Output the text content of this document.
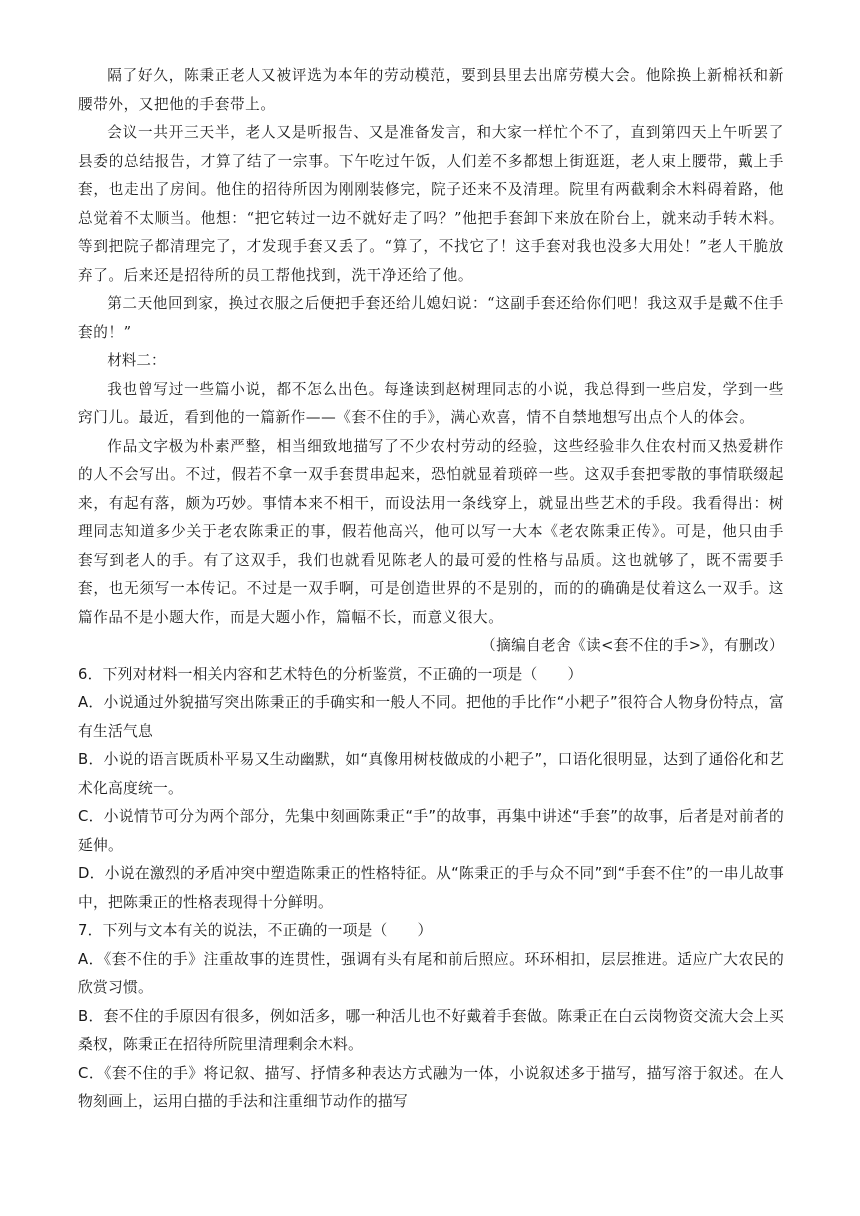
隔了好久，陈秉正老人又被评选为本年的劳动模范，要到县里去出席劳模大会。他除换上新棉袄和新腰带外，又把他的手套带上。

会议一共开三天半，老人又是听报告、又是准备发言，和大家一样忙个不了，直到第四天上午听罢了县委的总结报告，才算了结了一宗事。下午吃过午饭，人们差不多都想上街逛逛，老人束上腰带，戴上手套，也走出了房间。他住的招待所因为刚刚装修完，院子还来不及清理。院里有两截剩余木料碍着路，他总觉着不太顺当。他想：“把它转过一边不就好走了吗？”他把手套卸下来放在阶台上，就来动手转木料。等到把院子都清理完了，才发现手套又丢了。“算了，不找它了！这手套对我也没多大用处！”老人干脆放弃了。后来还是招待所的员工帮他找到，洗干净还给了他。

第二天他回到家，换过衣服之后便把手套还给儿媳妇说：“这副手套还给你们吧！我这双手是戴不住手套的！”

材料二：

我也曾写过一些篇小说，都不怎么出色。每逢读到赵树理同志的小说，我总得到一些启发，学到一些窍门儿。最近，看到他的一篇新作——《套不住的手》，满心欢喜，情不自禁地想写出点个人的体会。

作品文字极为朴素严整，相当细致地描写了不少农村劳动的经验，这些经验非久住农村而又热爱耕作的人不会写出。不过，假若不拿一双手套贯串起来，恐怕就显着琐碎一些。这双手套把零散的事情联缀起来，有起有落，颇为巧妙。事情本来不相干，而设法用一条线穿上，就显出些艺术的手段。我看得出：树理同志知道多少关于老农陈秉正的事，假若他高兴，他可以写一大本《老农陈秉正传》。可是，他只由手套写到老人的手。有了这双手，我们也就看见陈老人的最可爱的性格与品质。这也就够了，既不需要手套，也无须写一本传记。不过是一双手啊，可是创造世界的不是别的，而的的确确是仗着这么一双手。这篇作品不是小题大作，而是大题小作，篇幅不长，而意义很大。

（摘编自老舍《读<套不住的手>》，有删改）

6．下列对材料一相关内容和艺术特色的分析鉴赏，不正确的一项是（　　）

A．小说通过外貌描写突出陈秉正的手确实和一般人不同。把他的手比作“小耙子”很符合人物身份特点，富有生活气息

B．小说的语言既质朴平易又生动幽默，如“真像用树枝做成的小耙子”，口语化很明显，达到了通俗化和艺术化高度统一。

C．小说情节可分为两个部分，先集中刻画陈秉正“手”的故事，再集中讲述“手套”的故事，后者是对前者的延伸。

D．小说在激烈的矛盾冲突中塑造陈秉正的性格特征。从“陈秉正的手与众不同”到“手套不住”的一串儿故事中，把陈秉正的性格表现得十分鲜明。

7．下列与文本有关的说法，不正确的一项是（　　）

A．《套不住的手》注重故事的连贯性，强调有头有尾和前后照应。环环相扣，层层推进。适应广大农民的欣赏习惯。

B．套不住的手原因有很多，例如活多，哪一种活儿也不好戴着手套做。陈秉正在白云岗物资交流大会上买桑杈，陈秉正在招待所院里清理剩余木料。

C．《套不住的手》将记叙、描写、抒情多种表达方式融为一体，小说叙述多于描写，描写溶于叙述。在人物刻画上，运用白描的手法和注重细节动作的描写
